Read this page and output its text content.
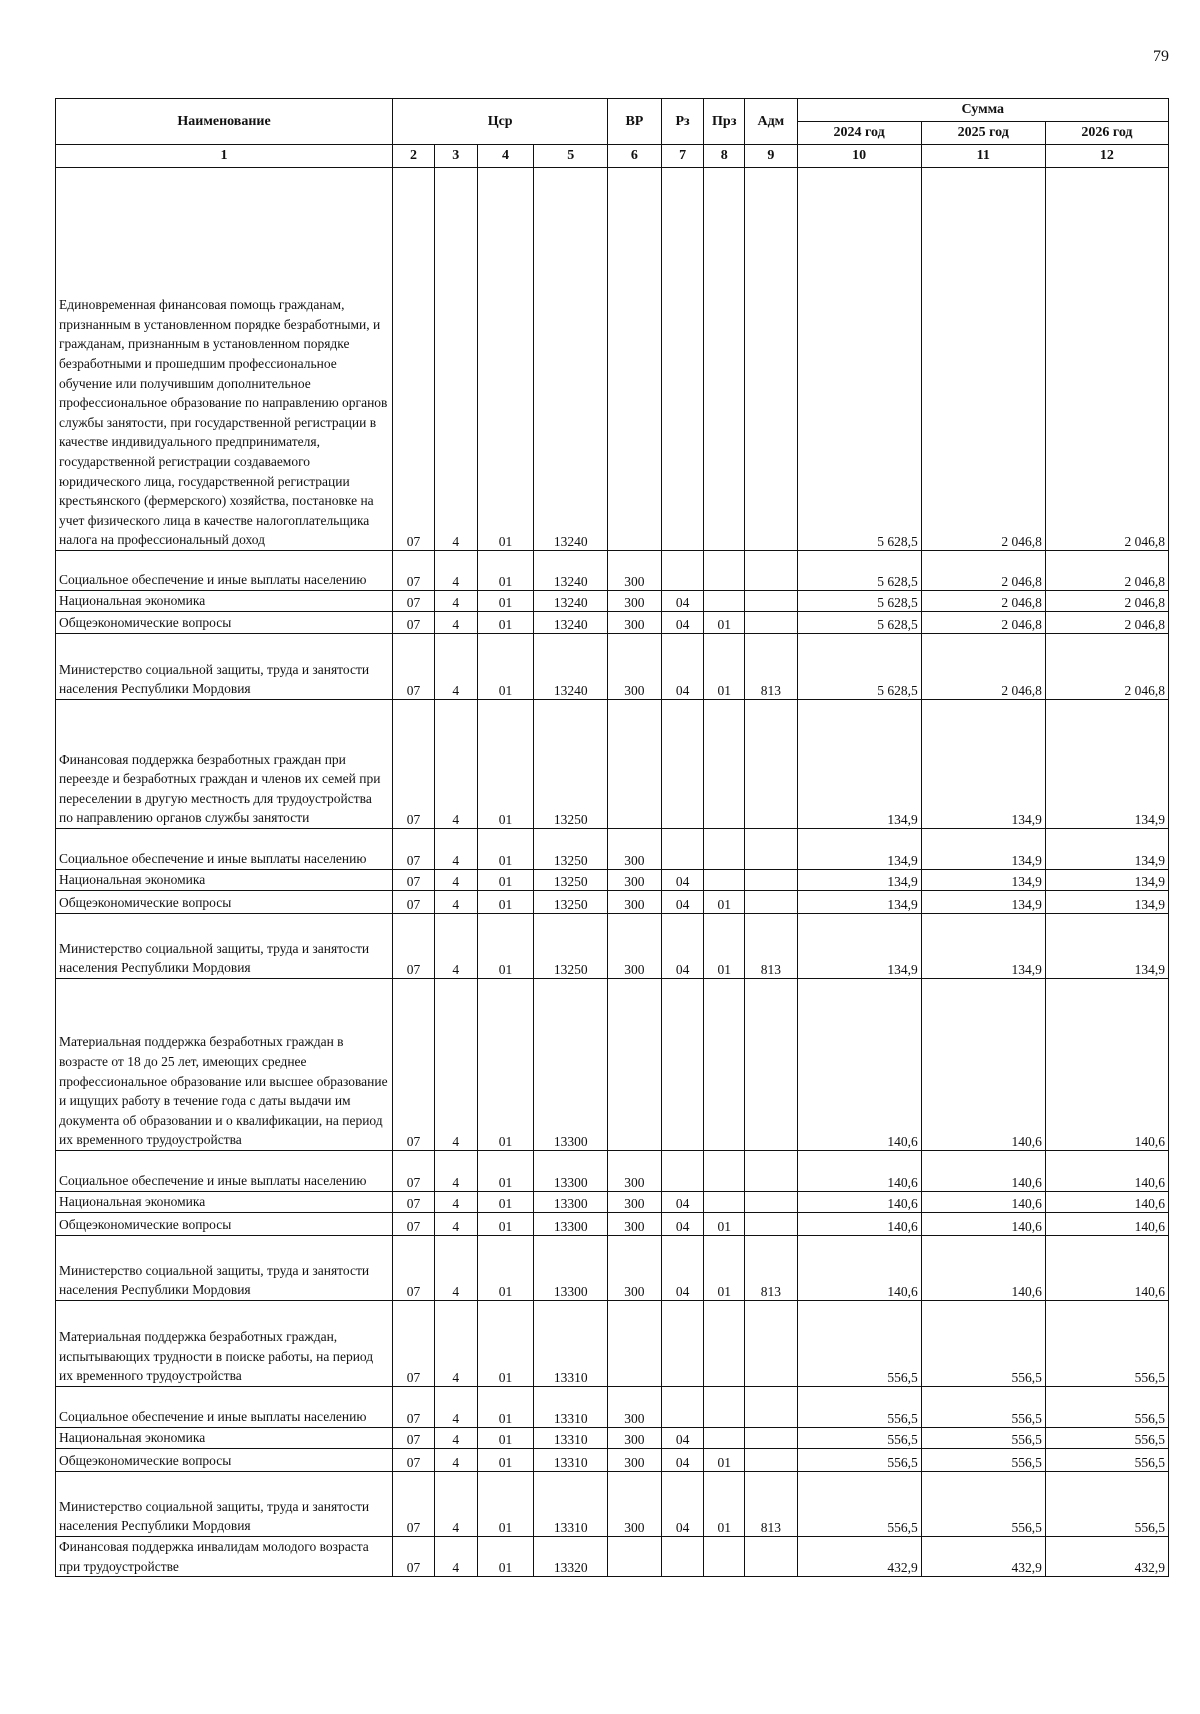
79
Наименование	Цср				ВР	Рз	Прз	Адм	Сумма		
									2024 год	2025 год	2026 год
1	2	3	4	5	6	7	8	9	10	11	12
Единовременная финансовая помощь гражданам, признанным в установленном порядке безработными, и гражданам, признанным в установленном порядке безработными и прошедшим профессиональное обучение или получившим дополнительное профессиональное образование по направлению органов службы занятости, при государственной регистрации в качестве индивидуального предпринимателя, государственной регистрации создаваемого юридического лица, государственной регистрации крестьянского (фермерского) хозяйства, постановке на учет физического лица в качестве налогоплательщика налога на профессиональный доход	07	4	01	13240					5 628,5	2 046,8	2 046,8
Социальное обеспечение и иные выплаты населению	07	4	01	13240	300				5 628,5	2 046,8	2 046,8
Национальная экономика	07	4	01	13240	300	04			5 628,5	2 046,8	2 046,8
Общеэкономические вопросы	07	4	01	13240	300	04	01		5 628,5	2 046,8	2 046,8
Министерство социальной защиты, труда и занятости населения Республики Мордовия	07	4	01	13240	300	04	01	813	5 628,5	2 046,8	2 046,8
Финансовая поддержка безработных граждан при переезде и безработных граждан и членов их семей при переселении в другую местность для трудоустройства по направлению органов службы занятости	07	4	01	13250					134,9	134,9	134,9
Социальное обеспечение и иные выплаты населению	07	4	01	13250	300				134,9	134,9	134,9
Национальная экономика	07	4	01	13250	300	04			134,9	134,9	134,9
Общеэкономические вопросы	07	4	01	13250	300	04	01		134,9	134,9	134,9
Министерство социальной защиты, труда и занятости населения Республики Мордовия	07	4	01	13250	300	04	01	813	134,9	134,9	134,9
Материальная поддержка безработных граждан в возрасте от 18 до 25 лет, имеющих среднее профессиональное образование или высшее образование и ищущих работу в течение года с даты выдачи им документа об образовании и о квалификации, на период их временного трудоустройства	07	4	01	13300					140,6	140,6	140,6
Социальное обеспечение и иные выплаты населению	07	4	01	13300	300				140,6	140,6	140,6
Национальная экономика	07	4	01	13300	300	04			140,6	140,6	140,6
Общеэкономические вопросы	07	4	01	13300	300	04	01		140,6	140,6	140,6
Министерство социальной защиты, труда и занятости населения Республики Мордовия	07	4	01	13300	300	04	01	813	140,6	140,6	140,6
Материальная поддержка безработных граждан, испытывающих трудности в поиске работы, на период их временного трудоустройства	07	4	01	13310					556,5	556,5	556,5
Социальное обеспечение и иные выплаты населению	07	4	01	13310	300				556,5	556,5	556,5
Национальная экономика	07	4	01	13310	300	04			556,5	556,5	556,5
Общеэкономические вопросы	07	4	01	13310	300	04	01		556,5	556,5	556,5
Министерство социальной защиты, труда и занятости населения Республики Мордовия	07	4	01	13310	300	04	01	813	556,5	556,5	556,5
Финансовая поддержка инвалидам молодого возраста при трудоустройстве	07	4	01	13320					432,9	432,9	432,9
